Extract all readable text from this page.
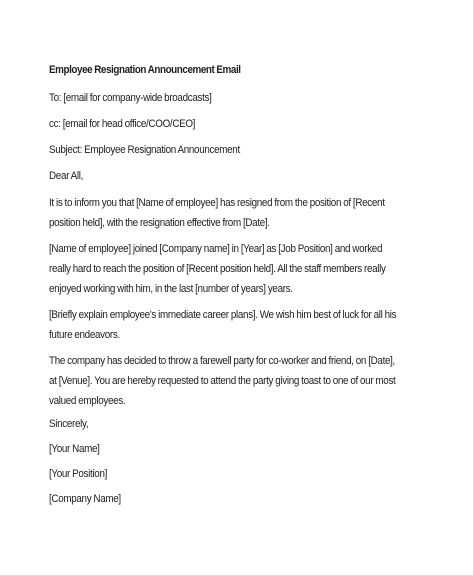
Employee Resignation Announcement Email

To: [email for company-wide broadcasts]

cc: [email for head office/COO/CEO]

Subject: Employee Resignation Announcement

Dear All,

It is to inform you that [Name of employee] has resigned from the position of [Recent position held], with the resignation effective from [Date].

[Name of employee] joined [Company name] in [Year] as [Job Position] and worked really hard to reach the position of [Recent position held]. All the staff members really enjoyed working with him, in the last [number of years] years.

[Briefly explain employee's immediate career plans]. We wish him best of luck for all his future endeavors.

The company has decided to throw a farewell party for co-worker and friend, on [Date], at [Venue]. You are hereby requested to attend the party giving toast to one of our most valued employees.

Sincerely,

[Your Name]

[Your Position]

[Company Name]
